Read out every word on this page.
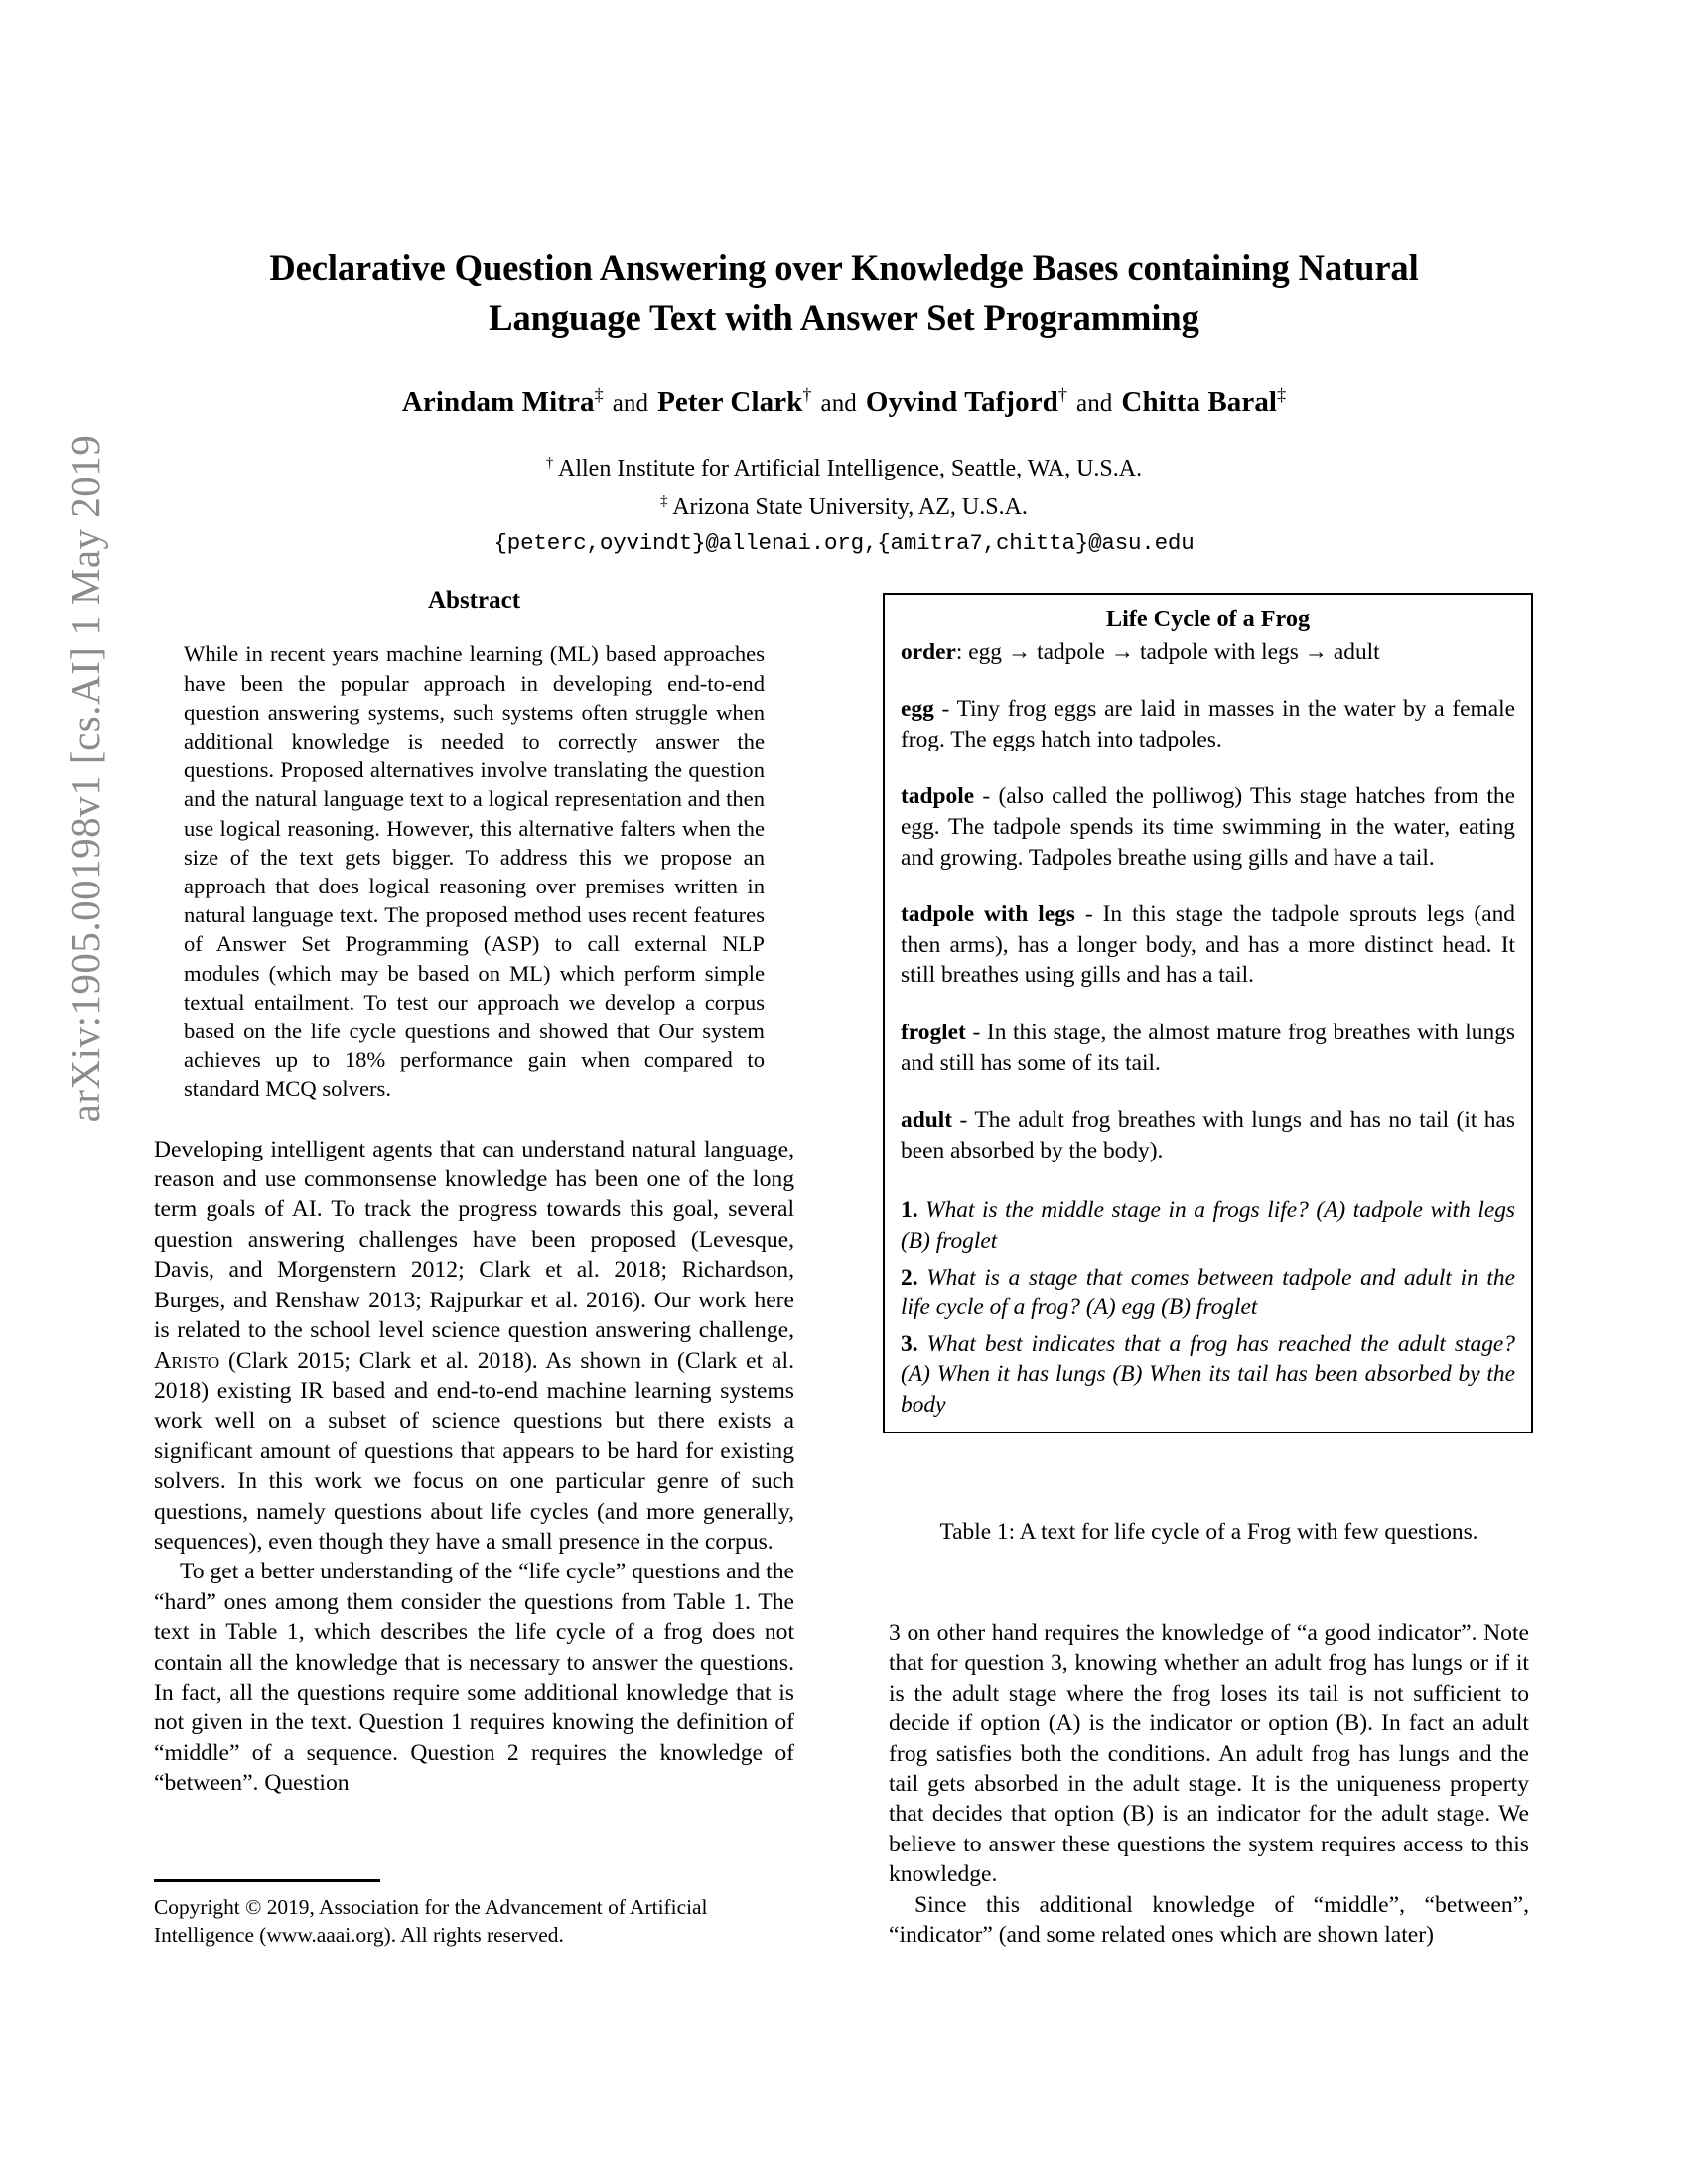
arXiv:1905.00198v1 [cs.AI] 1 May 2019
Declarative Question Answering over Knowledge Bases containing Natural
Language Text with Answer Set Programming
Arindam Mitra‡ and Peter Clark† and Oyvind Tafjord† and Chitta Baral‡
† Allen Institute for Artificial Intelligence, Seattle, WA, U.S.A.
‡ Arizona State University, AZ, U.S.A.
{peterc,oyvindt}@allenai.org,{amitra7,chitta}@asu.edu
Abstract
While in recent years machine learning (ML) based approaches have been the popular approach in developing end-to-end question answering systems, such systems often struggle when additional knowledge is needed to correctly answer the questions. Proposed alternatives involve translating the question and the natural language text to a logical representation and then use logical reasoning. However, this alternative falters when the size of the text gets bigger. To address this we propose an approach that does logical reasoning over premises written in natural language text. The proposed method uses recent features of Answer Set Programming (ASP) to call external NLP modules (which may be based on ML) which perform simple textual entailment. To test our approach we develop a corpus based on the life cycle questions and showed that Our system achieves up to 18% performance gain when compared to standard MCQ solvers.

Developing intelligent agents that can understand natural language, reason and use commonsense knowledge has been one of the long term goals of AI. To track the progress towards this goal, several question answering challenges have been proposed (Levesque, Davis, and Morgenstern 2012; Clark et al. 2018; Richardson, Burges, and Renshaw 2013; Rajpurkar et al. 2016). Our work here is related to the school level science question answering challenge, Aristo (Clark 2015; Clark et al. 2018). As shown in (Clark et al. 2018) existing IR based and end-to-end machine learning systems work well on a subset of science questions but there exists a significant amount of questions that appears to be hard for existing solvers. In this work we focus on one particular genre of such questions, namely questions about life cycles (and more generally, sequences), even though they have a small presence in the corpus.

To get a better understanding of the “life cycle” questions and the “hard” ones among them consider the questions from Table 1. The text in Table 1, which describes the life cycle of a frog does not contain all the knowledge that is necessary to answer the questions. In fact, all the questions require some additional knowledge that is not given in the text. Question 1 requires knowing the definition of “middle” of a sequence. Question 2 requires the knowledge of “between”. Question

Copyright © 2019, Association for the Advancement of Artificial Intelligence (www.aaai.org). All rights reserved.
Life Cycle of a Frog

order: egg → tadpole → tadpole with legs → adult

egg - Tiny frog eggs are laid in masses in the water by a female frog. The eggs hatch into tadpoles.

tadpole - (also called the polliwog) This stage hatches from the egg. The tadpole spends its time swimming in the water, eating and growing. Tadpoles breathe using gills and have a tail.

tadpole with legs - In this stage the tadpole sprouts legs (and then arms), has a longer body, and has a more distinct head. It still breathes using gills and has a tail.

froglet - In this stage, the almost mature frog breathes with lungs and still has some of its tail.

adult - The adult frog breathes with lungs and has no tail (it has been absorbed by the body).

1. What is the middle stage in a frogs life? (A) tadpole with legs (B) froglet

2. What is a stage that comes between tadpole and adult in the life cycle of a frog? (A) egg (B) froglet

3. What best indicates that a frog has reached the adult stage? (A) When it has lungs (B) When its tail has been absorbed by the body

Table 1: A text for life cycle of a Frog with few questions.

3 on other hand requires the knowledge of “a good indicator”. Note that for question 3, knowing whether an adult frog has lungs or if it is the adult stage where the frog loses its tail is not sufficient to decide if option (A) is the indicator or option (B). In fact an adult frog satisfies both the conditions. An adult frog has lungs and the tail gets absorbed in the adult stage. It is the uniqueness property that decides that option (B) is an indicator for the adult stage. We believe to answer these questions the system requires access to this knowledge.

Since this additional knowledge of “middle”, “between”, “indicator” (and some related ones which are shown later)
